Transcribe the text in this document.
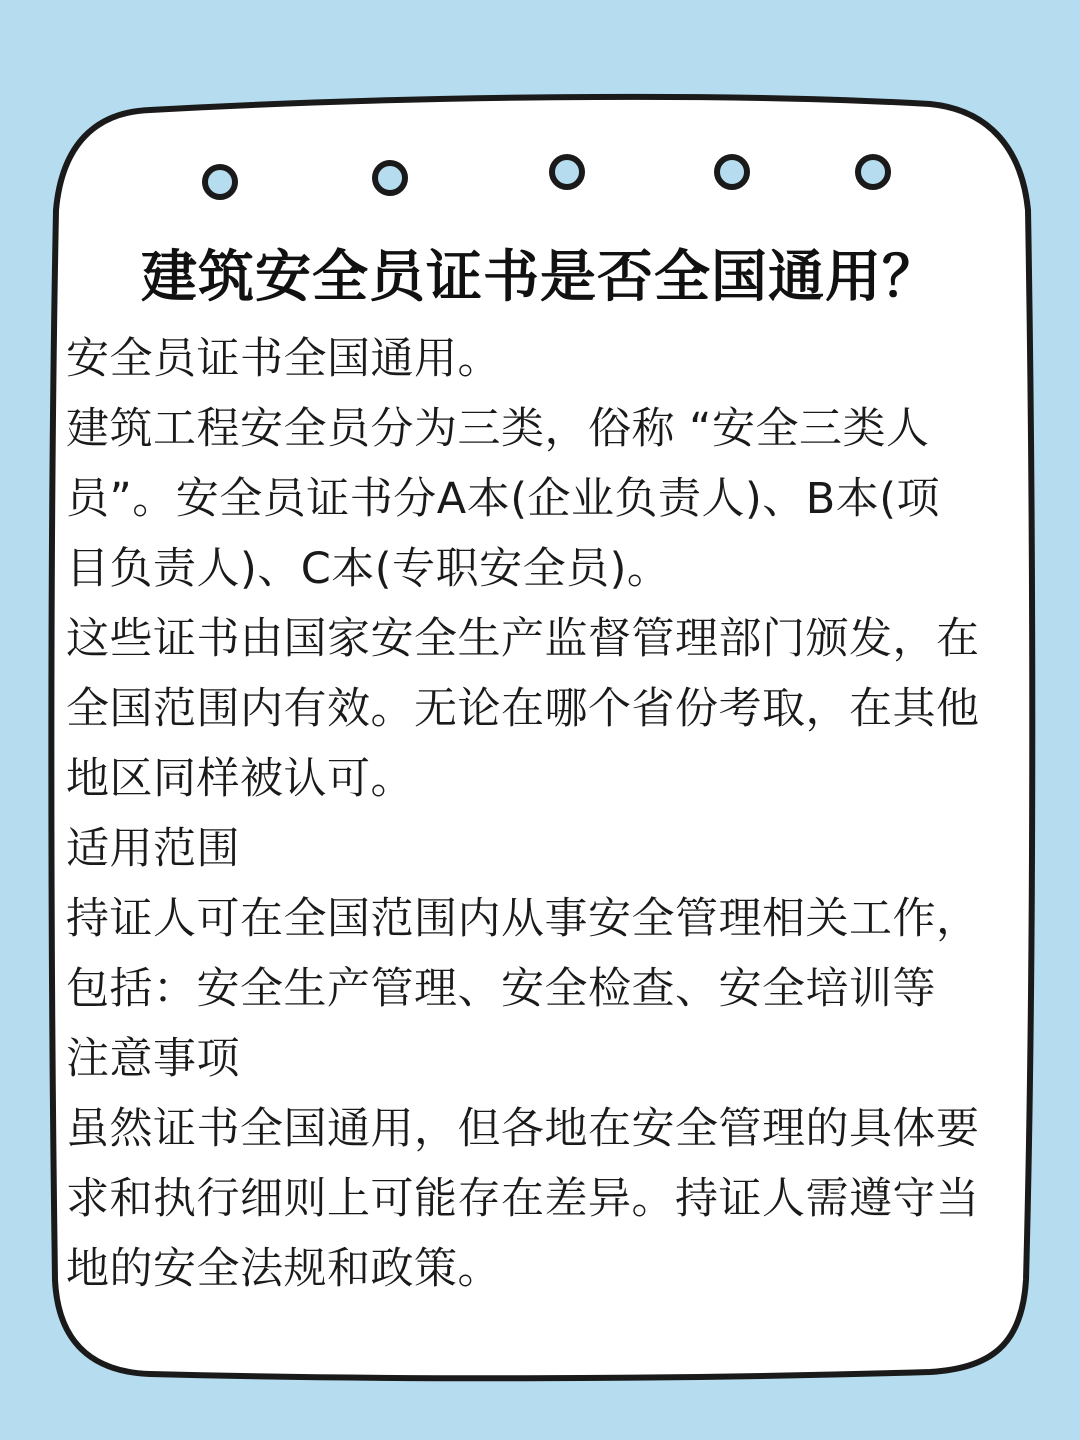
建筑安全员证书是否全国通用？
安全员证书全国通用。
建筑工程安全员分为三类，俗称 “安全三类人
员”。安全员证书分A本(企业负责人)、B本(项
目负责人)、C本(专职安全员)。
这些证书由国家安全生产监督管理部门颁发，在
全国范围内有效。无论在哪个省份考取，在其他
地区同样被认可。
适用范围
持证人可在全国范围内从事安全管理相关工作，
包括：安全生产管理、安全检查、安全培训等
注意事项
虽然证书全国通用，但各地在安全管理的具体要
求和执行细则上可能存在差异。持证人需遵守当
地的安全法规和政策。
